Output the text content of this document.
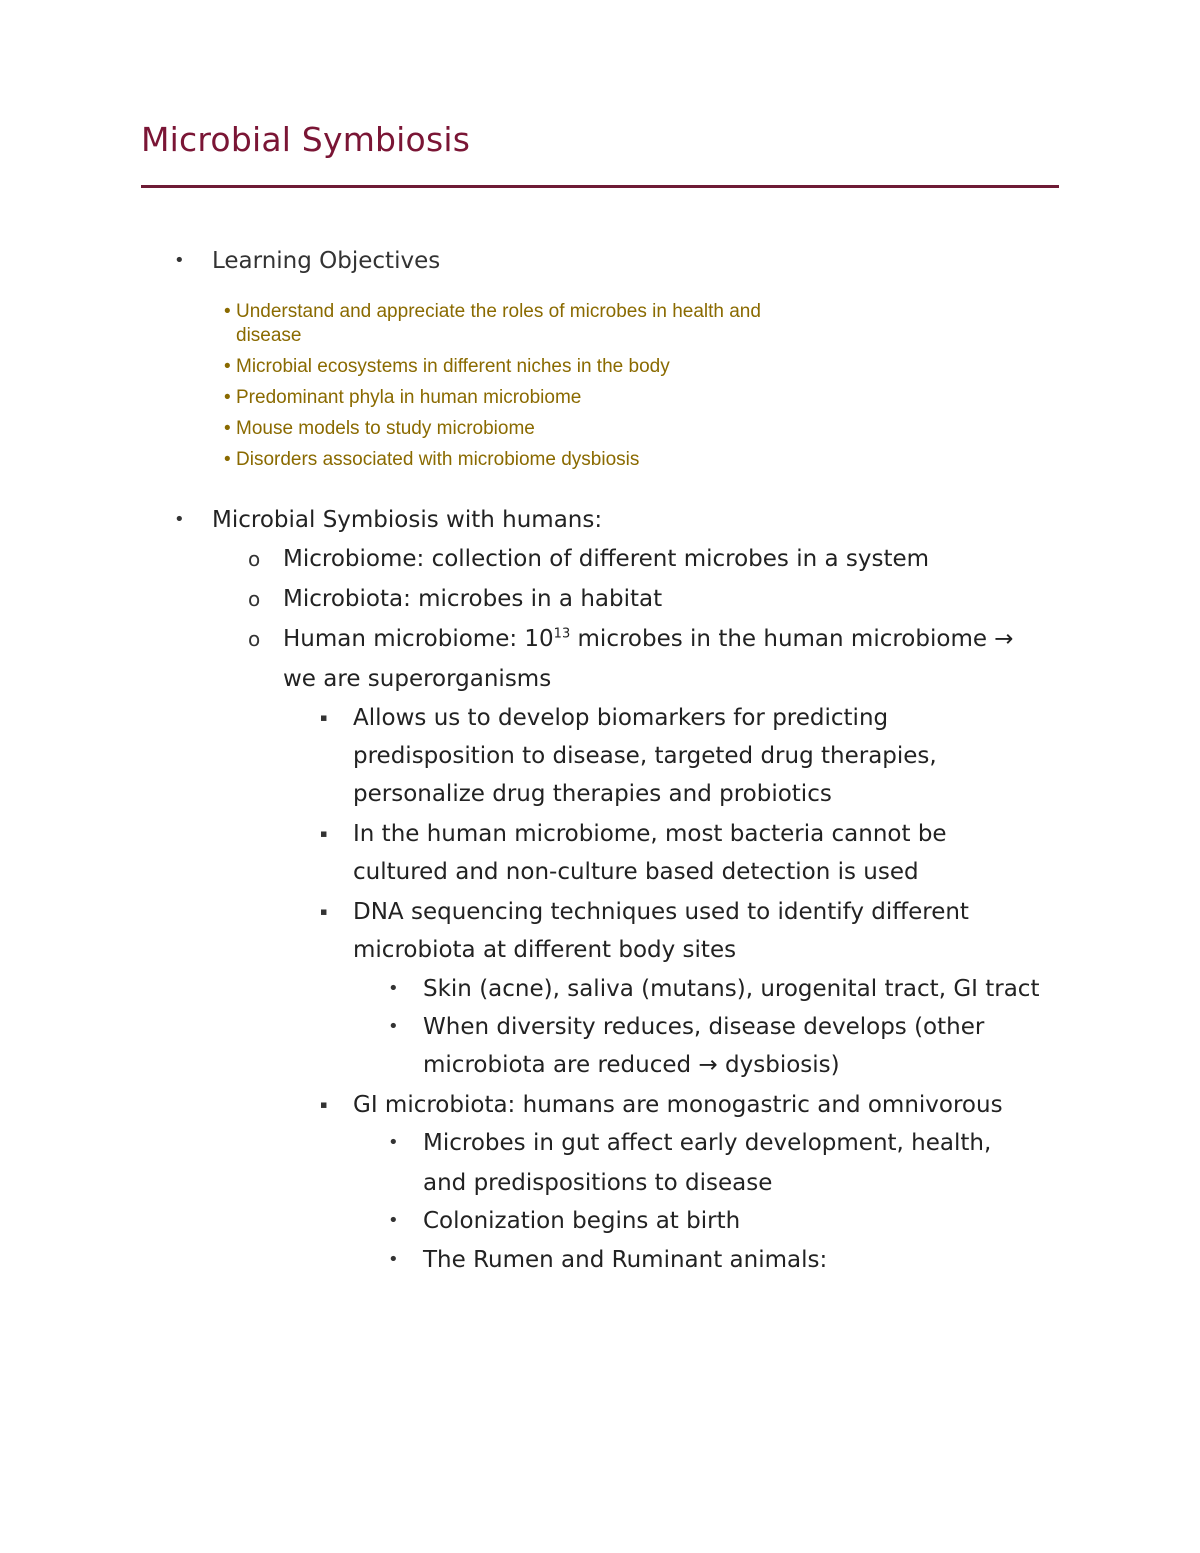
Microbial Symbiosis
• Learning Objectives
• Understand and appreciate the roles of microbes in health and
disease
• Microbial ecosystems in different niches in the body
• Predominant phyla in human microbiome
• Mouse models to study microbiome
• Disorders associated with microbiome dysbiosis
• Microbial Symbiosis with humans:
o Microbiome: collection of different microbes in a system
o Microbiota: microbes in a habitat
o Human microbiome: $10^{13}$ microbes in the human microbiome →
we are superorganisms
▪ Allows us to develop biomarkers for predicting
predisposition to disease, targeted drug therapies,
personalize drug therapies and probiotics
▪ In the human microbiome, most bacteria cannot be
cultured and non-culture based detection is used
▪ DNA sequencing techniques used to identify different
microbiota at different body sites
• Skin (acne), saliva (mutans), urogenital tract, GI tract
• When diversity reduces, disease develops (other
microbiota are reduced → dysbiosis)
▪ GI microbiota: humans are monogastric and omnivorous
• Microbes in gut affect early development, health,
and predispositions to disease
• Colonization begins at birth
• The Rumen and Ruminant animals:
